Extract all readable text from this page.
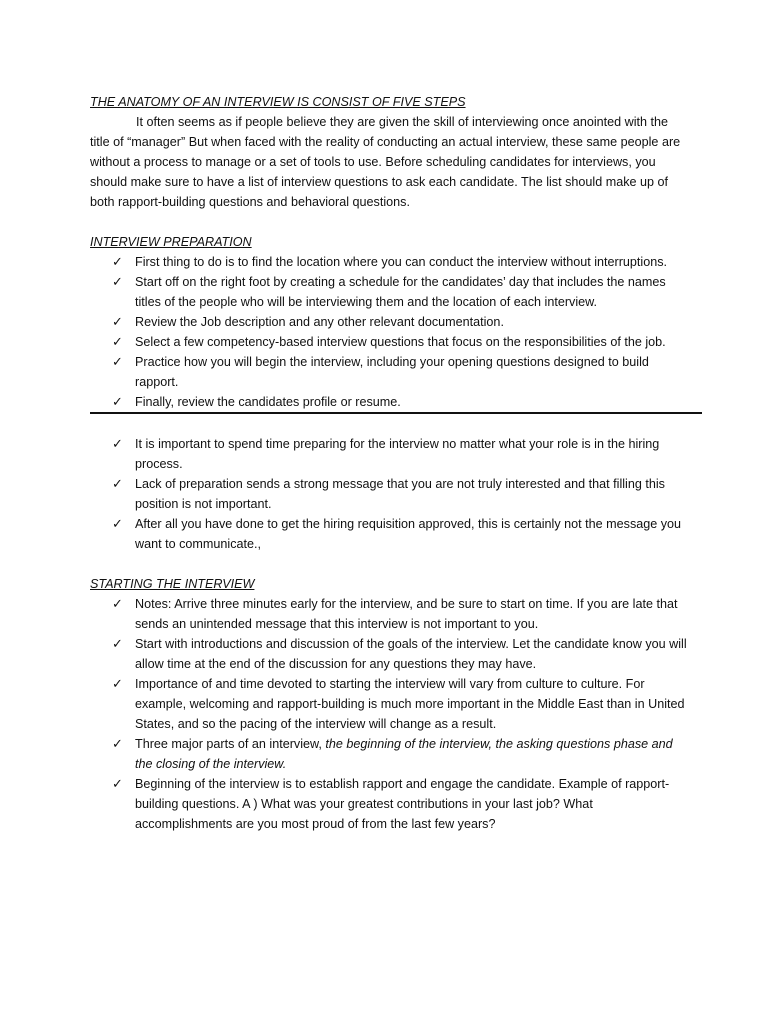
THE ANATOMY OF AN INTERVIEW IS CONSIST OF FIVE STEPS

It often seems as if people believe they are given the skill of interviewing once anointed with the title of “manager” But when faced with the reality of conducting an actual interview, these same people are without a process to manage or a set of tools to use. Before scheduling candidates for interviews, you should make sure to have a list of interview questions to ask each candidate. The list should make up of both rapport-building questions and behavioral questions.

INTERVIEW PREPARATION

✓ First thing to do is to find the location where you can conduct the interview without interruptions.
✓ Start off on the right foot by creating a schedule for the candidates’ day that includes the names titles of the people who will be interviewing them and the location of each interview.
✓ Review the Job description and any other relevant documentation.
✓ Select a few competency-based interview questions that focus on the responsibilities of the job.
✓ Practice how you will begin the interview, including your opening questions designed to build rapport.
✓ Finally, review the candidates profile or resume.
✓ It is important to spend time preparing for the interview no matter what your role is in the hiring process.
✓ Lack of preparation sends a strong message that you are not truly interested and that filling this position is not important.
✓ After all you have done to get the hiring requisition approved, this is certainly not the message you want to communicate.,

STARTING THE INTERVIEW

✓ Notes: Arrive three minutes early for the interview, and be sure to start on time. If you are late that sends an unintended message that this interview is not important to you.
✓ Start with introductions and discussion of the goals of the interview. Let the candidate know you will allow time at the end of the discussion for any questions they may have.
✓ Importance of and time devoted to starting the interview will vary from culture to culture. For example, welcoming and rapport-building is much more important in the Middle East than in United States, and so the pacing of the interview will change as a result.
✓ Three major parts of an interview, the beginning of the interview, the asking questions phase and the closing of the interview.
✓ Beginning of the interview is to establish rapport and engage the candidate. Example of rapport-building questions. A ) What was your greatest contributions in your last job? What accomplishments are you most proud of from the last few years?
